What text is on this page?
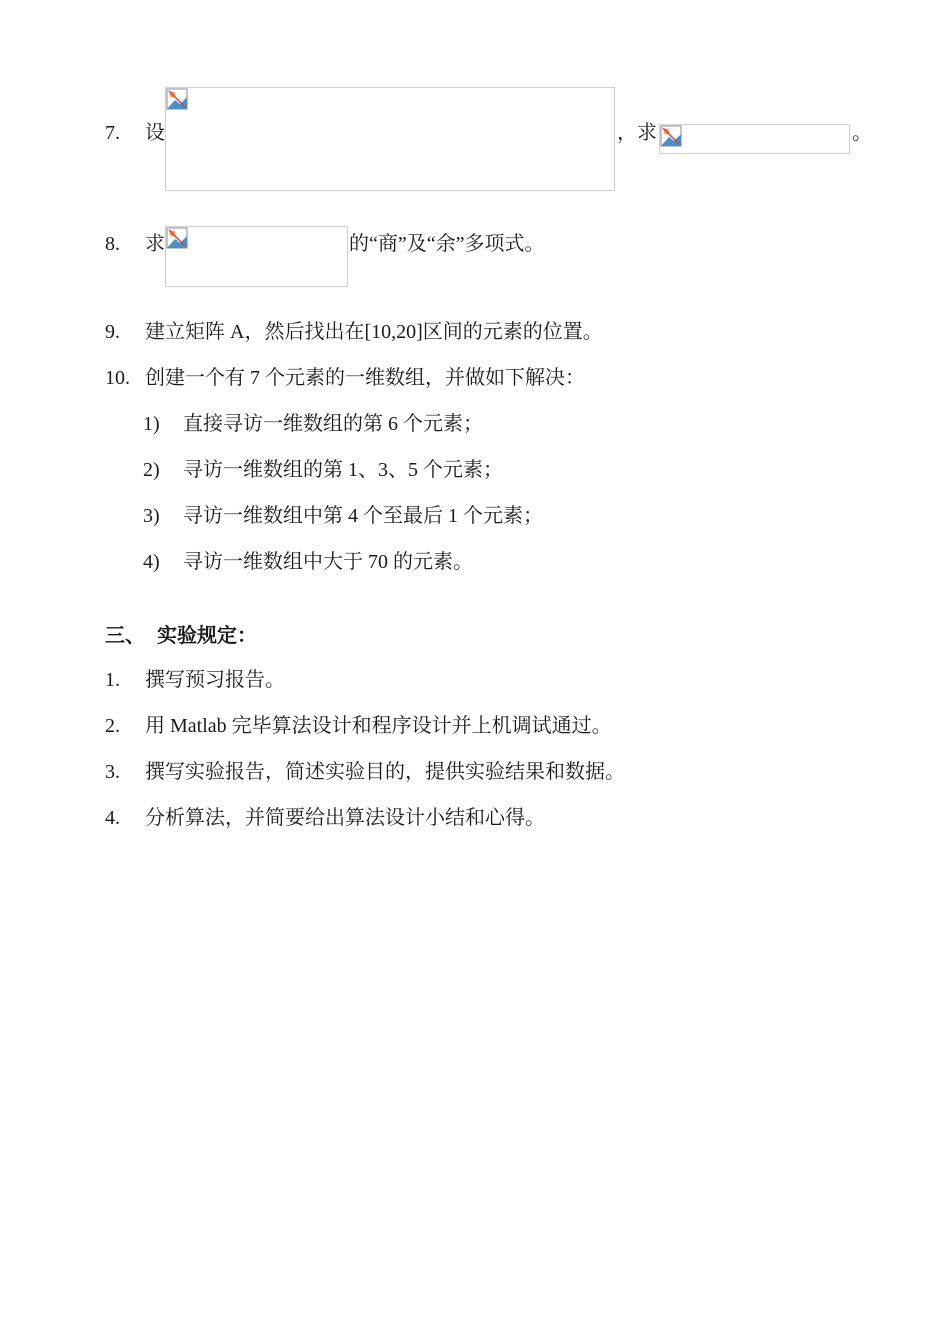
7. 设	，求	。
8. 求	的“商”及“余”多项式。
9. 建立矩阵 A，然后找出在[10,20]区间的元素的位置。
10. 创建一个有 7 个元素的一维数组，并做如下解决：
1) 直接寻访一维数组的第 6 个元素；
2) 寻访一维数组的第 1、3、5 个元素；
3) 寻访一维数组中第 4 个至最后 1 个元素；
4) 寻访一维数组中大于 70 的元素。
三、 实验规定：
1. 撰写预习报告。
2. 用 Matlab 完毕算法设计和程序设计并上机调试通过。
3. 撰写实验报告，简述实验目的，提供实验结果和数据。
4. 分析算法，并简要给出算法设计小结和心得。
